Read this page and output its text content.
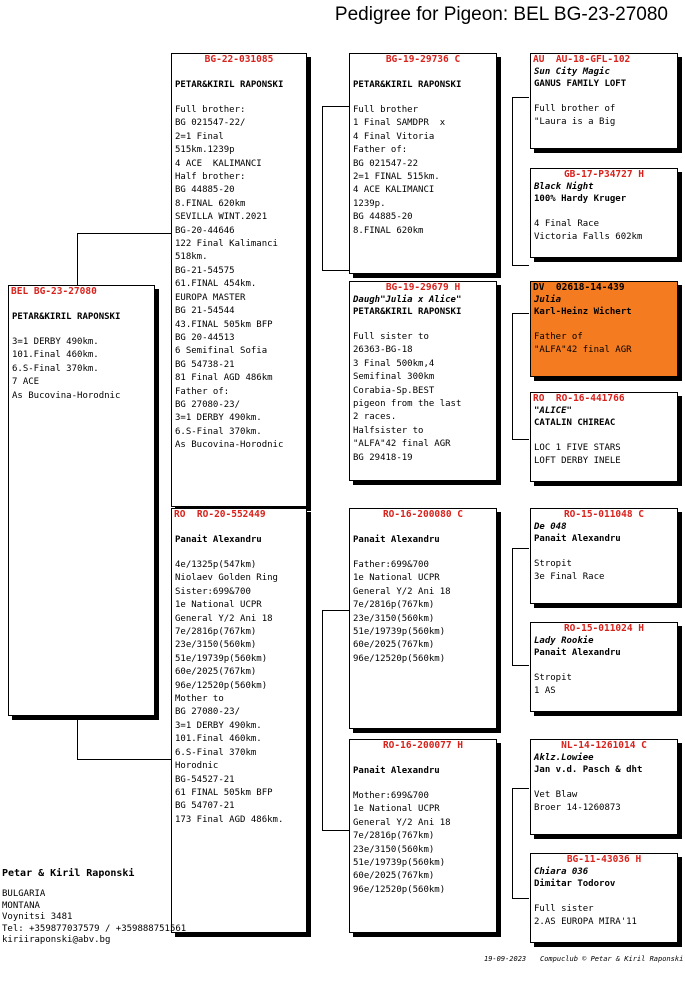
Pedigree for Pigeon: BEL BG-23-27080
BEL BG-23-27080
PETAR&KIRIL RAPONSKI
3=1 DERBY 490km.
101.Final 460km.
6.S-Final 370km.
7 ACE
As Bucovina-Horodnic
BG-22-031085
PETAR&KIRIL RAPONSKI
Full brother:
BG 021547-22/
2=1 Final
515km.1239p
4 ACE  KALIMANCI
Half brother:
BG 44885-20
8.FINAL 620km
SEVILLA WINT.2021
BG-20-44646
122 Final Kalimanci
518km.
BG-21-54575
61.FINAL 454km.
EUROPA MASTER
BG 21-54544
43.FINAL 505km BFP
BG 20-44513
6 Semifinal Sofia
BG 54738-21
81 Final AGD 486km
Father of:
BG 27080-23/
3=1 DERBY 490km.
6.S-Final 370km.
As Bucovina-Horodnic
RO RO-20-552449
Panait Alexandru
4e/1325p(547km)
Niolaev Golden Ring
Sister:699&700
1e National UCPR
General Y/2 Ani 18
7e/2816p(767km)
23e/3150(560km)
51e/19739p(560km)
60e/2025(767km)
96e/12520p(560km)
Mother to
BG 27080-23/
3=1 DERBY 490km.
101.Final 460km.
6.S-Final 370km
Horodnic
BG-54527-21
61 FINAL 505km BFP
BG 54707-21
173 Final AGD 486km.
BG-19-29736 C
PETAR&KIRIL RAPONSKI
Full brother
1 Final SAMDPR  x
4 Final Vitoria
Father of:
BG 021547-22
2=1 FINAL 515km.
4 ACE KALIMANCI
1239p.
BG 44885-20
8.FINAL 620km
BG-19-29679 H
Daugh"Julia x Alice"
PETAR&KIRIL RAPONSKI
Full sister to
26363-BG-18
3 Final 500km,4
Semifinal 300km
Corabia-Sp.BEST
pigeon from the last
2 races.
Halfsister to
"ALFA"42 final AGR
BG 29418-19
RO-16-200080 C
Panait Alexandru
Father:699&700
1e National UCPR
General Y/2 Ani 18
7e/2816p(767km)
23e/3150(560km)
51e/19739p(560km)
60e/2025(767km)
96e/12520p(560km)
RO-16-200077 H
Panait Alexandru
Mother:699&700
1e National UCPR
General Y/2 Ani 18
7e/2816p(767km)
23e/3150(560km)
51e/19739p(560km)
60e/2025(767km)
96e/12520p(560km)
AU AU-18-GFL-102
Sun City Magic
GANUS FAMILY LOFT
Full brother of
"Laura is a Big
GB-17-P34727 H
Black Night
100% Hardy Kruger
4 Final Race
Victoria Falls 602km
DV 02618-14-439
Julia
Karl-Heinz Wichert
Father of
"ALFA"42 final AGR
RO RO-16-441766
"ALICE"
CATALIN CHIREAC
LOC 1 FIVE STARS
LOFT DERBY INELE
RO-15-011048 C
De 048
Panait Alexandru
Stropit
3e Final Race
RO-15-011024 H
Lady Rookie
Panait Alexandru
Stropit
1 AS
NL-14-1261014 C
Aklz.Lowiee
Jan v.d. Pasch & dht
Vet Blaw
Broer 14-1260873
BG-11-43036 H
Chiara 036
Dimitar Todorov
Full sister
2.AS EUROPA MIRA'11
Petar & Kiril Raponski
BULGARIA
MONTANA
Voynitsi 3481
Tel: +359877037579 / +359888751561
kiriiraponski@abv.bg
19-09-2023 Compuclub © Petar & Kiril Raponski
